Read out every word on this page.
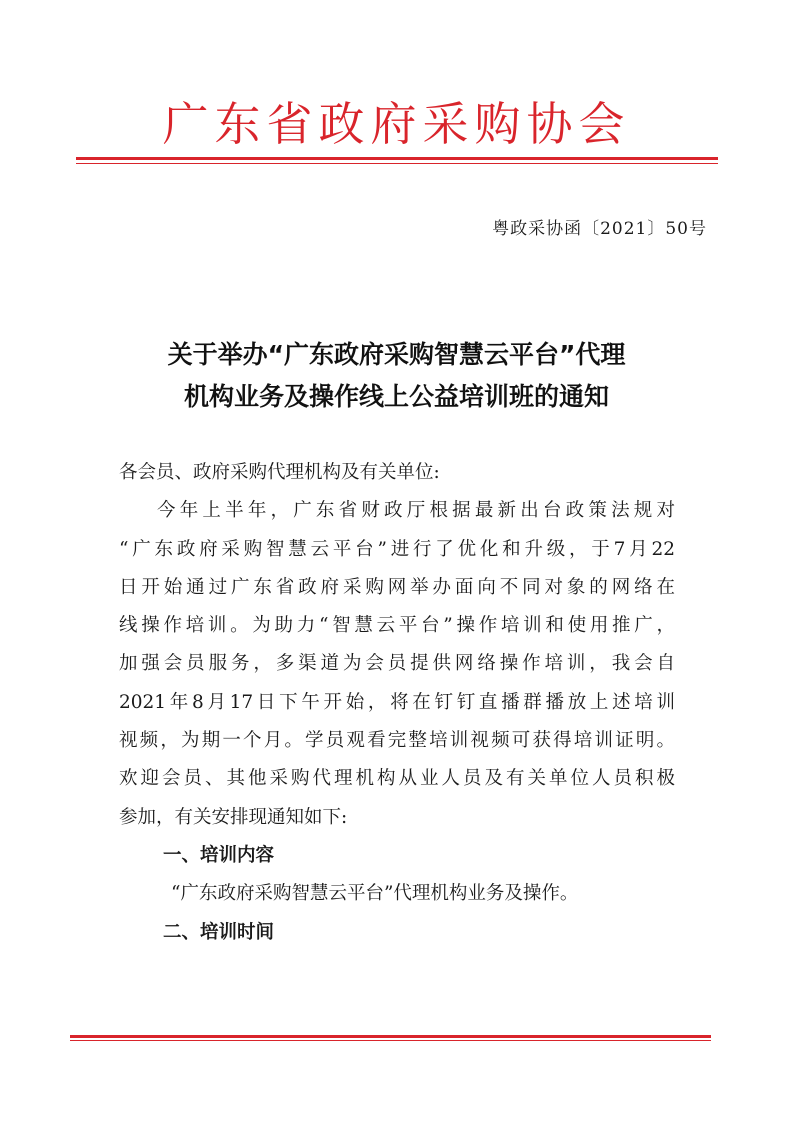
广东省政府采购协会
粤政采协函〔2021〕50号
关于举办“广东政府采购智慧云平台”代理
机构业务及操作线上公益培训班的通知
各会员、政府采购代理机构及有关单位:
今年上半年，广东省财政厅根据最新出台政策法规对
“广东政府采购智慧云平台”进行了优化和升级，于7月22
日开始通过广东省政府采购网举办面向不同对象的网络在
线操作培训。为助力“智慧云平台”操作培训和使用推广，
加强会员服务，多渠道为会员提供网络操作培训，我会自
2021年8月17日下午开始，将在钉钉直播群播放上述培训
视频，为期一个月。学员观看完整培训视频可获得培训证明。
欢迎会员、其他采购代理机构从业人员及有关单位人员积极
参加，有关安排现通知如下:
一、培训内容
“广东政府采购智慧云平台”代理机构业务及操作。
二、培训时间
